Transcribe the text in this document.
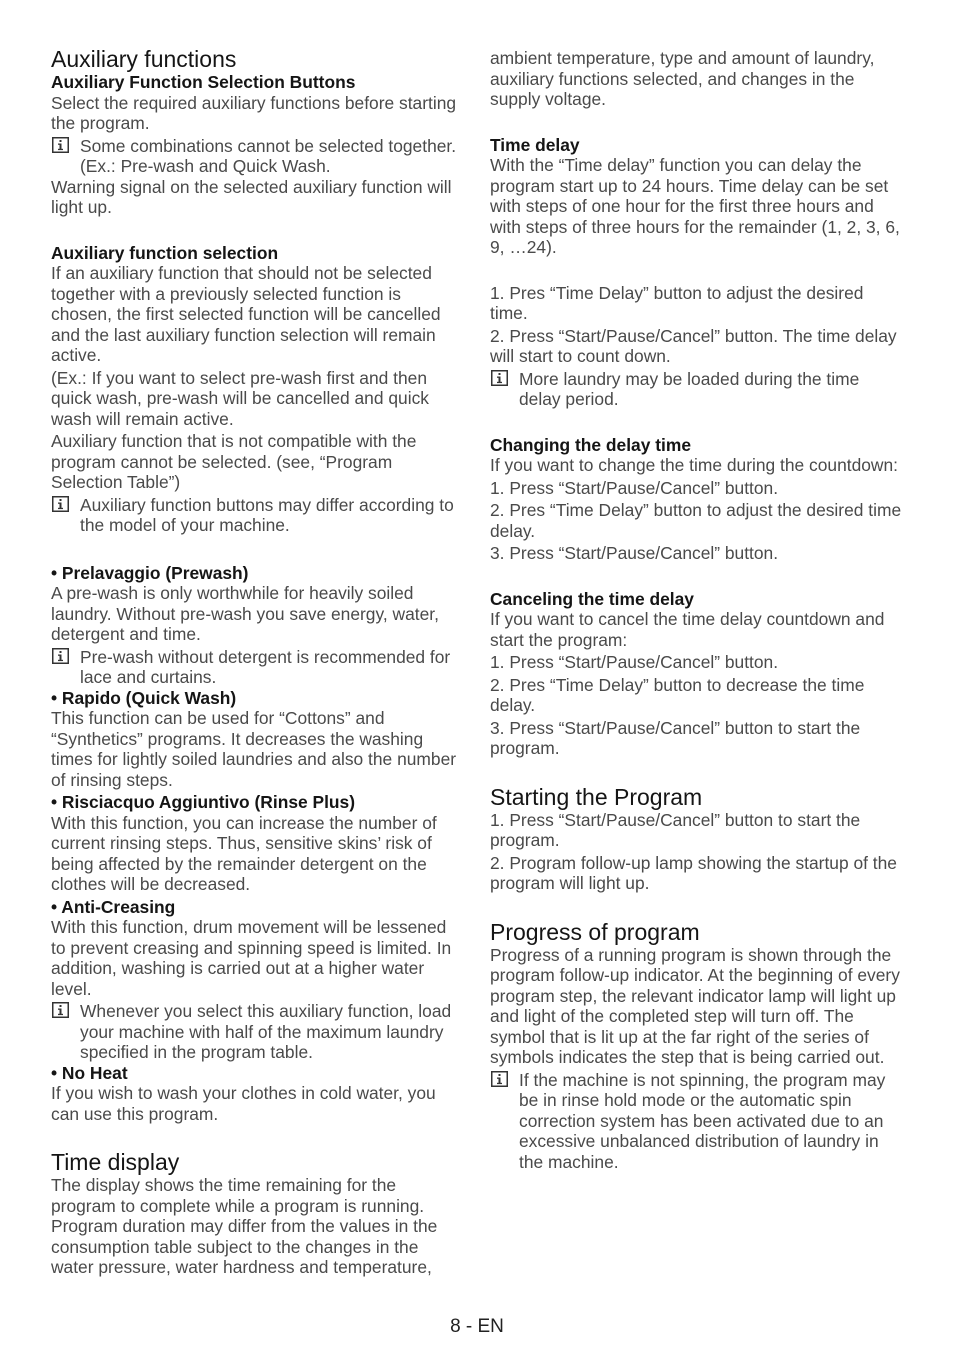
Auxiliary functions
Auxiliary Function Selection Buttons

Select the required auxiliary functions before starting the program.

Some combinations cannot be selected together. (Ex.: Pre-wash and Quick Wash.

Warning signal on the selected auxiliary function will light up.

Auxiliary function selection

If an auxiliary function that should not be selected together with a previously selected function is chosen, the first selected function will be cancelled and the last auxiliary function selection will remain active.

(Ex.: If you want to select pre-wash first and then quick wash, pre-wash will be cancelled and quick wash will remain active.

Auxiliary function that is not compatible with the program cannot be selected. (see, “Program Selection Table”)

Auxiliary function buttons may differ according to the model of your machine.
• Prelavaggio (Prewash)

A pre-wash is only worthwhile for heavily soiled laundry. Without pre-wash you save energy, water, detergent and time.

Pre-wash without detergent is recommended for lace and curtains.
• Rapido (Quick Wash)

This function can be used for “Cottons” and “Synthetics” programs. It decreases the washing times for lightly soiled laundries and also the number of rinsing steps.

• Risciacquo Aggiuntivo (Rinse Plus)

With this function, you can increase the number of current rinsing steps. Thus, sensitive skins’ risk of being affected by the remainder detergent on the clothes will be decreased.

• Anti-Creasing

With this function, drum movement will be lessened to prevent creasing and spinning speed is limited. In addition, washing is carried out at a higher water level.

Whenever you select this auxiliary function, load your machine with half of the maximum laundry specified in the program table.
• No Heat

If you wish to wash your clothes in cold water, you can use this program.

Time display

The display shows the time remaining for the program to complete while a program is running. Program duration may differ from the values in the consumption table subject to the changes in the water pressure, water hardness and temperature,

ambient temperature, type and amount of laundry, auxiliary functions selected, and changes in the supply voltage.

Time delay

With the “Time delay” function you can delay the program start up to 24 hours. Time delay can be set with steps of one hour for the first three hours and with steps of three hours for the remainder (1, 2, 3, 6, 9, …24).

1. Pres “Time Delay” button to adjust the desired time.

2. Press “Start/Pause/Cancel” button. The time delay will start to count down.

More laundry may be loaded during the time delay period.
Changing the delay time

If you want to change the time during the countdown:

1. Press “Start/Pause/Cancel” button.

2. Pres “Time Delay” button to adjust the desired time delay.

3. Press “Start/Pause/Cancel” button.

Canceling the time delay

If you want to cancel the time delay countdown and start the program:

1. Press “Start/Pause/Cancel” button.

2. Pres “Time Delay” button to decrease the time delay.

3. Press “Start/Pause/Cancel” button to start the program.

Starting the Program

1. Press “Start/Pause/Cancel” button to start the program.

2. Program follow-up lamp showing the startup of the program will light up.

Progress of program

Progress of a running program is shown through the program follow-up indicator. At the beginning of every program step, the relevant indicator lamp will light up and light of the completed step will turn off. The symbol that is lit up at the far right of the series of symbols indicates the step that is being carried out.

If the machine is not spinning, the program may be in rinse hold mode or the automatic spin correction system has been activated due to an excessive unbalanced distribution of laundry in the machine.
8 - EN
